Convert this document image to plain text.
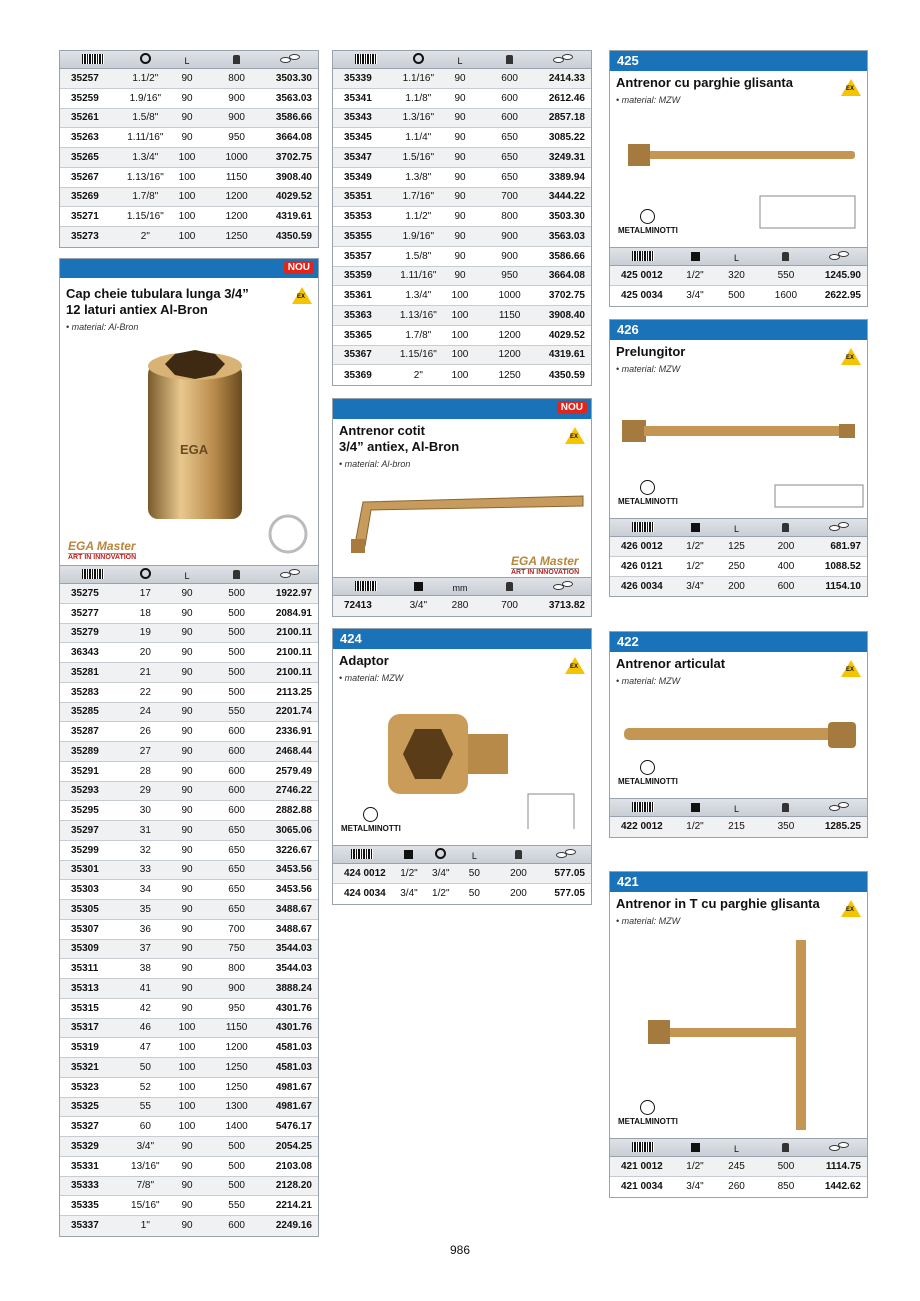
L
35257	1.1/2"	90	800	3503.30
35259	1.9/16"	90	900	3563.03
35261	1.5/8"	90	900	3586.66
35263	1.11/16"	90	950	3664.08
35265	1.3/4"	100	1000	3702.75
35267	1.13/16"	100	1150	3908.40
35269	1.7/8"	100	1200	4029.52
35271	1.15/16"	100	1200	4319.61
35273	2"	100	1250	4350.59
L
35339	1.1/16"	90	600	2414.33
35341	1.1/8"	90	600	2612.46
35343	1.3/16"	90	600	2857.18
35345	1.1/4"	90	650	3085.22
35347	1.5/16"	90	650	3249.31
35349	1.3/8"	90	650	3389.94
35351	1.7/16"	90	700	3444.22
35353	1.1/2"	90	800	3503.30
35355	1.9/16"	90	900	3563.03
35357	1.5/8"	90	900	3586.66
35359	1.11/16"	90	950	3664.08
35361	1.3/4"	100	1000	3702.75
35363	1.13/16"	100	1150	3908.40
35365	1.7/8"	100	1200	4029.52
35367	1.15/16"	100	1200	4319.61
35369	2"	100	1250	4350.59
NOU
Cap cheie tubulara lunga 3/4”
12 laturi antiex Al-Bron
• material: Al-Bron
EX
EGA
EGA Master
ART IN INNOVATION
L
35275	17	90	500	1922.97
35277	18	90	500	2084.91
35279	19	90	500	2100.11
36343	20	90	500	2100.11
35281	21	90	500	2100.11
35283	22	90	500	2113.25
35285	24	90	550	2201.74
35287	26	90	600	2336.91
35289	27	90	600	2468.44
35291	28	90	600	2579.49
35293	29	90	600	2746.22
35295	30	90	600	2882.88
35297	31	90	650	3065.06
35299	32	90	650	3226.67
35301	33	90	650	3453.56
35303	34	90	650	3453.56
35305	35	90	650	3488.67
35307	36	90	700	3488.67
35309	37	90	750	3544.03
35311	38	90	800	3544.03
35313	41	90	900	3888.24
35315	42	90	950	4301.76
35317	46	100	1150	4301.76
35319	47	100	1200	4581.03
35321	50	100	1250	4581.03
35323	52	100	1250	4981.67
35325	55	100	1300	4981.67
35327	60	100	1400	5476.17
35329	3/4"	90	500	2054.25
35331	13/16"	90	500	2103.08
35333	7/8"	90	500	2128.20
35335	15/16"	90	550	2214.21
35337	1"	90	600	2249.16
NOU
Antrenor cotit
3/4” antiex, Al-Bron
• material: Al-bron
EX
EGA Master
ART IN INNOVATION
mm
72413	3/4"	280	700	3713.82
424
Adaptor
• material: MZW
EX
METALMINOTTI
L
424 0012	1/2"	3/4"	50	200	577.05
424 0034	3/4"	1/2"	50	200	577.05
425
Antrenor cu parghie glisanta
• material: MZW
EX
METALMINOTTI
L
425 0012	1/2"	320	550	1245.90
425 0034	3/4"	500	1600	2622.95
426
Prelungitor
• material: MZW
EX
METALMINOTTI
L
426 0012	1/2"	125	200	681.97
426 0121	1/2"	250	400	1088.52
426 0034	3/4"	200	600	1154.10
422
Antrenor articulat
• material: MZW
EX
METALMINOTTI
L
422 0012	1/2"	215	350	1285.25
421
Antrenor in T cu parghie glisanta
• material: MZW
EX
METALMINOTTI
L
421 0012	1/2"	245	500	1114.75
421 0034	3/4"	260	850	1442.62
986
